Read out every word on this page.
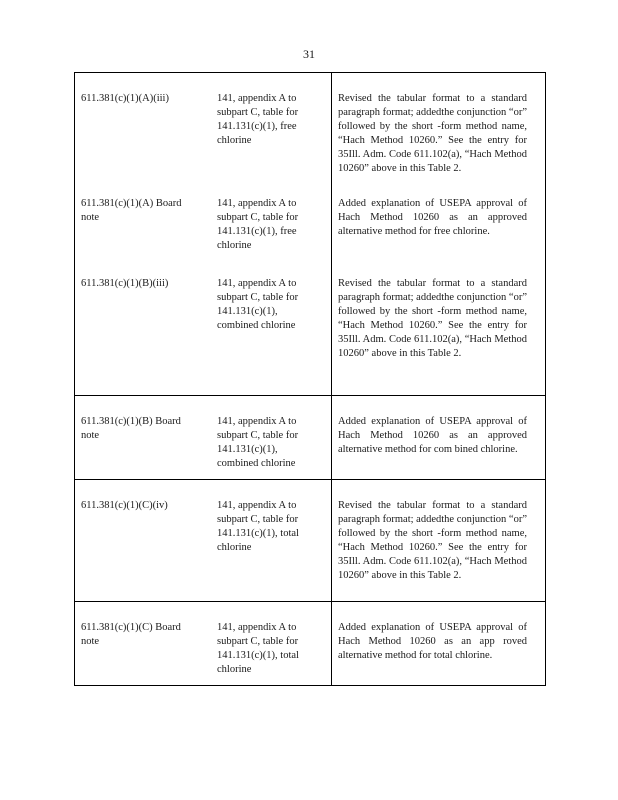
31
611.381(c)(1)(A)(iii)	141, appendix A to subpart C, table for 141.131(c)(1), free chlorine	Revised the tabular format to a standard paragraph format; addedthe conjunction “or” followed by the short -form method name, “Hach Method 10260.” See the entry for 35Ill. Adm. Code 611.102(a), “Hach Method 10260” above in this Table 2.
611.381(c)(1)(A) Board note	141, appendix A to subpart C, table for 141.131(c)(1), free chlorine	Added explanation of USEPA approval of Hach Method 10260 as an approved alternative method for free chlorine.
611.381(c)(1)(B)(iii)	141, appendix A to subpart C, table for 141.131(c)(1), combined chlorine	Revised the tabular format to a standard paragraph format; addedthe conjunction “or” followed by the short -form method name, “Hach Method 10260.” See the entry for 35Ill. Adm. Code 611.102(a), “Hach Method 10260” above in this Table 2.
611.381(c)(1)(B) Board note	141, appendix A to subpart C, table for 141.131(c)(1), combined chlorine	Added explanation of USEPA approval of Hach Method 10260 as an approved alternative method for com bined chlorine.
611.381(c)(1)(C)(iv)	141, appendix A to subpart C, table for 141.131(c)(1), total chlorine	Revised the tabular format to a standard paragraph format; addedthe conjunction “or” followed by the short -form method name, “Hach Method 10260.” See the entry for 35Ill. Adm. Code 611.102(a), “Hach Method 10260” above in this Table 2.
611.381(c)(1)(C) Board note	141, appendix A to subpart C, table for 141.131(c)(1), total chlorine	Added explanation of USEPA approval of Hach Method 10260 as an app roved alternative method for total chlorine.
